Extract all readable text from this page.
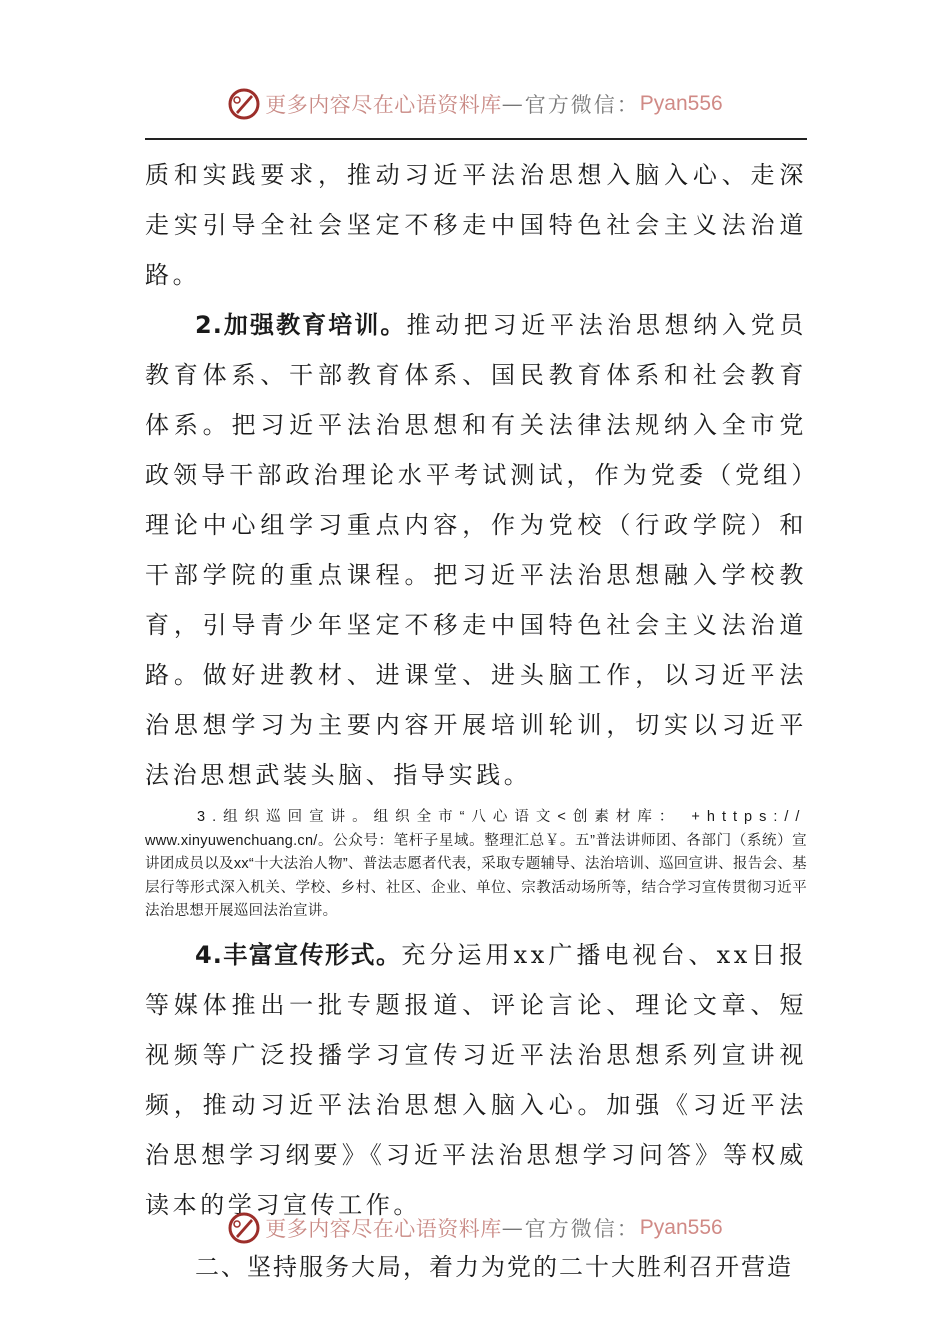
更多内容尽在心语资料库 — 官方微信： Pyan556

质和实践要求，推动习近平法治思想入脑入心、走深走实引导全社会坚定不移走中国特色社会主义法治道路。

2.加强教育培训。推动把习近平法治思想纳入党员教育体系、干部教育体系、国民教育体系和社会教育体系。把习近平法治思想和有关法律法规纳入全市党政领导干部政治理论水平考试测试，作为党委（党组）理论中心组学习重点内容，作为党校（行政学院）和干部学院的重点课程。把习近平法治思想融入学校教育，引导青少年坚定不移走中国特色社会主义法治道路。做好进教材、进课堂、进头脑工作，以习近平法治思想学习为主要内容开展培训轮训，切实以习近平法治思想武装头脑、指导实践。

3.组织巡回宣讲。组织全市“八心语文<创素材库： +https://
www.xinyuwenchuang.cn/。公众号：笔杆子星域。整理汇总￥。五”普法讲师团、各部门（系统）宣讲团成员以及xx“十大法治人物”、普法志愿者代表，采取专题辅导、法治培训、巡回宣讲、报告会、基层行等形式深入机关、学校、乡村、社区、企业、单位、宗教活动场所等，结合学习宣传贯彻习近平法治思想开展巡回法治宣讲。

4.丰富宣传形式。充分运用xx广播电视台、xx日报等媒体推出一批专题报道、评论言论、理论文章、短视频等广泛投播学习宣传习近平法治思想系列宣讲视频，推动习近平法治思想入脑入心。加强《习近平法治思想学习纲要》《习近平法治思想学习问答》等权威读本的学习宣传工作。

二、坚持服务大局，着力为党的二十大胜利召开营造

更多内容尽在心语资料库 — 官方微信： Pyan556
